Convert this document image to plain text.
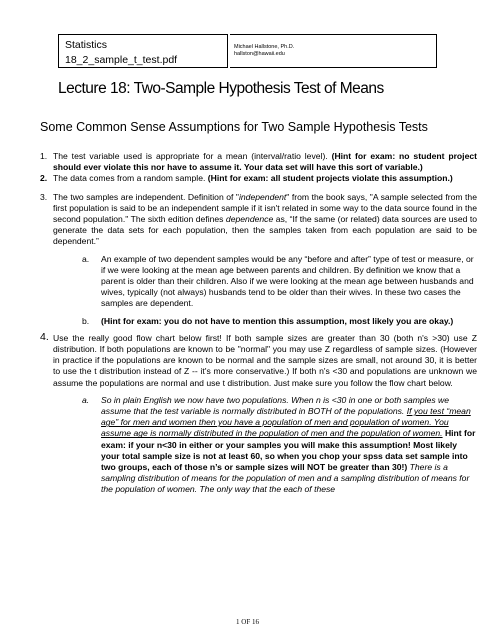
Statistics
18_2_sample_t_test.pdf
Michael Hallstone, Ph.D.
hallston@hawaii.edu
Lecture 18: Two-Sample Hypothesis Test of Means
Some Common Sense Assumptions for Two Sample Hypothesis Tests
1. The test variable used is appropriate for a mean (interval/ratio level). (Hint for exam: no student project should ever violate this nor have to assume it. Your data set will have this sort of variable.)
2. The data comes from a random sample. (Hint for exam: all student projects violate this assumption.)
3. The two samples are independent. Definition of "independent" from the book says, "A sample selected from the first population is said to be an independent sample if it isn't related in some way to the data source found in the second population." The sixth edition defines dependence as, “If the same (or related) data sources are used to generate the data sets for each population, then the samples taken from each population are said to be dependent.”
a. An example of two dependent samples would be any “before and after” type of test or measure, or if we were looking at the mean age between parents and children. By definition we know that a parent is older than their children. Also if we were looking at the mean age between husbands and wives, typically (not always) husbands tend to be older than their wives. In these two cases the samples are dependent.
b. (Hint for exam: you do not have to mention this assumption, most likely you are okay.)
4. Use the really good flow chart below first! If both sample sizes are greater than 30 (both n's >30) use Z distribution. If both populations are known to be "normal" you may use Z regardless of sample sizes. (However in practice if the populations are known to be normal and the sample sizes are small, not around 30, it is better to use the t distribution instead of Z -- it's more conservative.) If both n's <30 and populations are unknown we assume the populations are normal and use t distribution. Just make sure you follow the flow chart below.
a. So in plain English we now have two populations. When n is <30 in one or both samples we assume that the test variable is normally distributed in BOTH of the populations. If you test “mean age” for men and women then you have a population of men and population of women. You assume age is normally distributed in the population of men and the population of women. Hint for exam: if your n<30 in either or your samples you will make this assumption! Most likely your total sample size is not at least 60, so when you chop your spss data set sample into two groups, each of those n’s or sample sizes will NOT be greater than 30!) There is a sampling distribution of means for the population of men and a sampling distribution of means for the population of women. The only way that the each of these
1 OF 16
